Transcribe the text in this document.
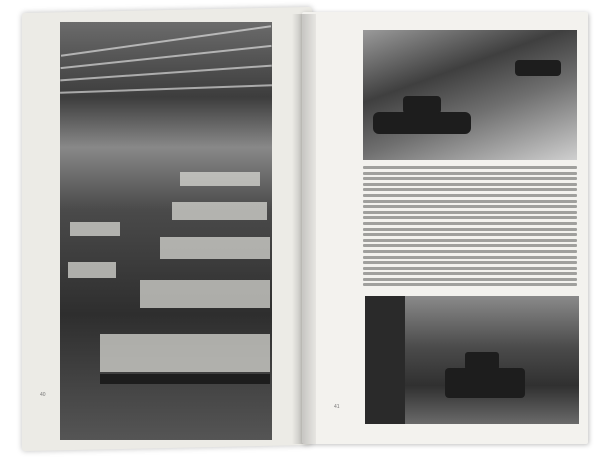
40
41
